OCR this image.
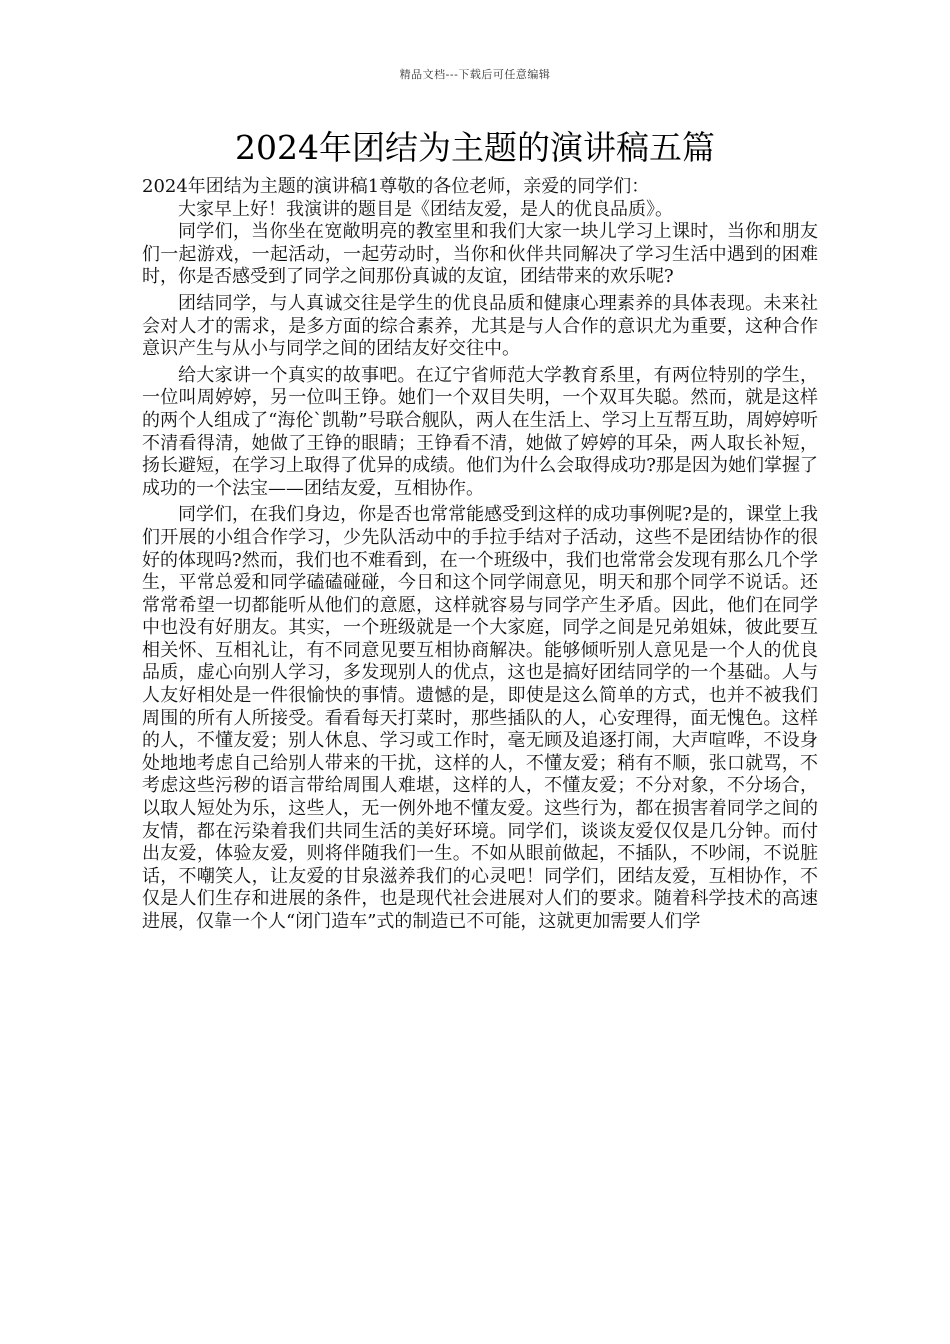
精品文档---下载后可任意编辑
2024年团结为主题的演讲稿五篇

2024年团结为主题的演讲稿1尊敬的各位老师，亲爱的同学们：

大家早上好！我演讲的题目是《团结友爱，是人的优良品质》。

同学们，当你坐在宽敞明亮的教室里和我们大家一块儿学习上课时，当你和朋友们一起游戏，一起活动，一起劳动时，当你和伙伴共同解决了学习生活中遇到的困难时，你是否感受到了同学之间那份真诚的友谊，团结带来的欢乐呢?

团结同学，与人真诚交往是学生的优良品质和健康心理素养的具体表现。未来社会对人才的需求，是多方面的综合素养，尤其是与人合作的意识尤为重要，这种合作意识产生与从小与同学之间的团结友好交往中。

给大家讲一个真实的故事吧。在辽宁省师范大学教育系里，有两位特别的学生，一位叫周婷婷，另一位叫王铮。她们一个双目失明，一个双耳失聪。然而，就是这样的两个人组成了“海伦`凯勒”号联合舰队，两人在生活上、学习上互帮互助，周婷婷听不清看得清，她做了王铮的眼睛；王铮看不清，她做了婷婷的耳朵，两人取长补短，扬长避短，在学习上取得了优异的成绩。他们为什么会取得成功?那是因为她们掌握了成功的一个法宝——团结友爱，互相协作。

同学们，在我们身边，你是否也常常能感受到这样的成功事例呢?是的，课堂上我们开展的小组合作学习，少先队活动中的手拉手结对子活动，这些不是团结协作的很好的体现吗?然而，我们也不难看到，在一个班级中，我们也常常会发现有那么几个学生，平常总爱和同学磕磕碰碰，今日和这个同学闹意见，明天和那个同学不说话。还常常希望一切都能听从他们的意愿，这样就容易与同学产生矛盾。因此，他们在同学中也没有好朋友。其实，一个班级就是一个大家庭，同学之间是兄弟姐妹，彼此要互相关怀、互相礼让，有不同意见要互相协商解决。能够倾听别人意见是一个人的优良品质，虚心向别人学习，多发现别人的优点，这也是搞好团结同学的一个基础。人与人友好相处是一件很愉快的事情。遗憾的是，即使是这么简单的方式，也并不被我们周围的所有人所接受。看看每天打菜时，那些插队的人，心安理得，面无愧色。这样的人，不懂友爱；别人休息、学习或工作时，毫无顾及追逐打闹，大声喧哗，不设身处地地考虑自己给别人带来的干扰，这样的人，不懂友爱；稍有不顺，张口就骂，不考虑这些污秽的语言带给周围人难堪，这样的人，不懂友爱；不分对象，不分场合，以取人短处为乐，这些人，无一例外地不懂友爱。这些行为，都在损害着同学之间的友情，都在污染着我们共同生活的美好环境。同学们，谈谈友爱仅仅是几分钟。而付出友爱，体验友爱，则将伴随我们一生。不如从眼前做起，不插队，不吵闹，不说脏话，不嘲笑人，让友爱的甘泉滋养我们的心灵吧！同学们，团结友爱，互相协作，不仅是人们生存和进展的条件，也是现代社会进展对人们的要求。随着科学技术的高速进展，仅靠一个人“闭门造车”式的制造已不可能，这就更加需要人们学
